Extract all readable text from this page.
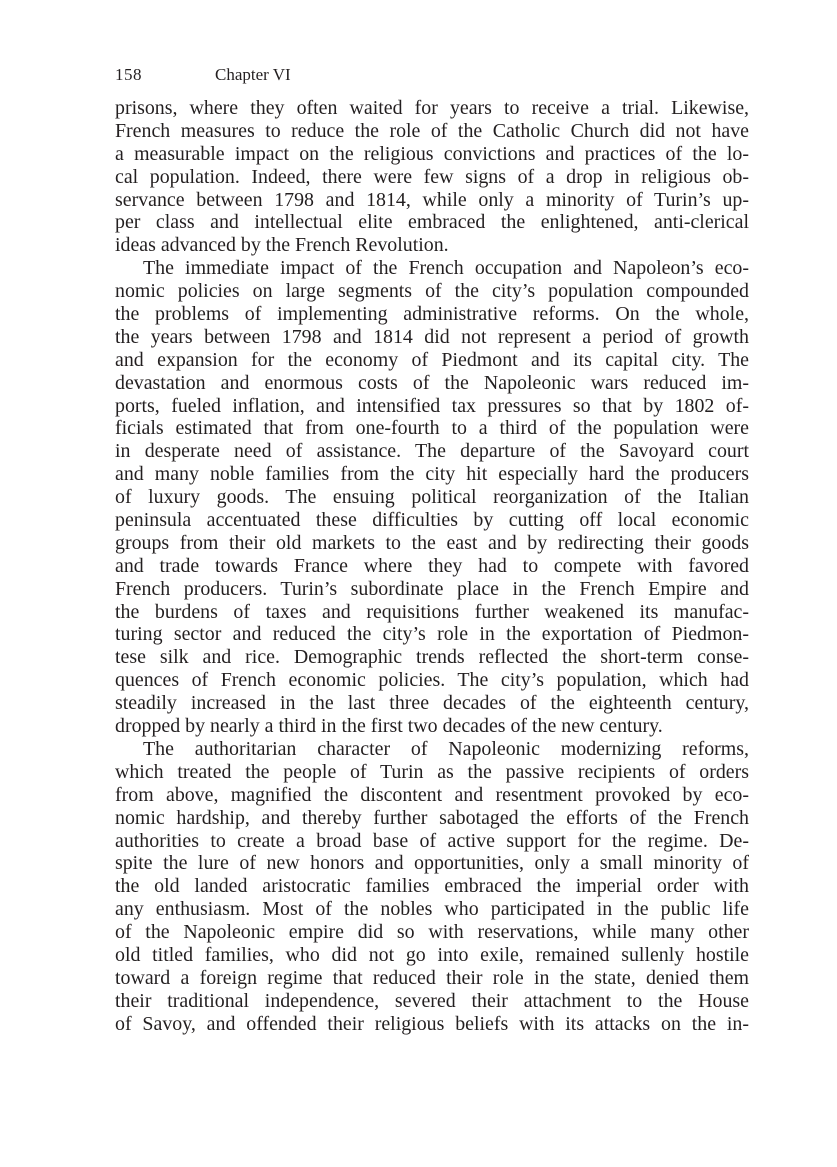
158	Chapter VI
prisons, where they often waited for years to receive a trial. Likewise,
French measures to reduce the role of the Catholic Church did not have
a measurable impact on the religious convictions and practices of the lo-
cal population. Indeed, there were few signs of a drop in religious ob-
servance between 1798 and 1814, while only a minority of Turin’s up-
per class and intellectual elite embraced the enlightened, anti-clerical
ideas advanced by the French Revolution.
The immediate impact of the French occupation and Napoleon’s eco-
nomic policies on large segments of the city’s population compounded
the problems of implementing administrative reforms. On the whole,
the years between 1798 and 1814 did not represent a period of growth
and expansion for the economy of Piedmont and its capital city. The
devastation and enormous costs of the Napoleonic wars reduced im-
ports, fueled inflation, and intensified tax pressures so that by 1802 of-
ficials estimated that from one-fourth to a third of the population were
in desperate need of assistance. The departure of the Savoyard court
and many noble families from the city hit especially hard the producers
of luxury goods. The ensuing political reorganization of the Italian
peninsula accentuated these difficulties by cutting off local economic
groups from their old markets to the east and by redirecting their goods
and trade towards France where they had to compete with favored
French producers. Turin’s subordinate place in the French Empire and
the burdens of taxes and requisitions further weakened its manufac-
turing sector and reduced the city’s role in the exportation of Piedmon-
tese silk and rice. Demographic trends reflected the short-term conse-
quences of French economic policies. The city’s population, which had
steadily increased in the last three decades of the eighteenth century,
dropped by nearly a third in the first two decades of the new century.
The authoritarian character of Napoleonic modernizing reforms,
which treated the people of Turin as the passive recipients of orders
from above, magnified the discontent and resentment provoked by eco-
nomic hardship, and thereby further sabotaged the efforts of the French
authorities to create a broad base of active support for the regime. De-
spite the lure of new honors and opportunities, only a small minority of
the old landed aristocratic families embraced the imperial order with
any enthusiasm. Most of the nobles who participated in the public life
of the Napoleonic empire did so with reservations, while many other
old titled families, who did not go into exile, remained sullenly hostile
toward a foreign regime that reduced their role in the state, denied them
their traditional independence, severed their attachment to the House
of Savoy, and offended their religious beliefs with its attacks on the in-
